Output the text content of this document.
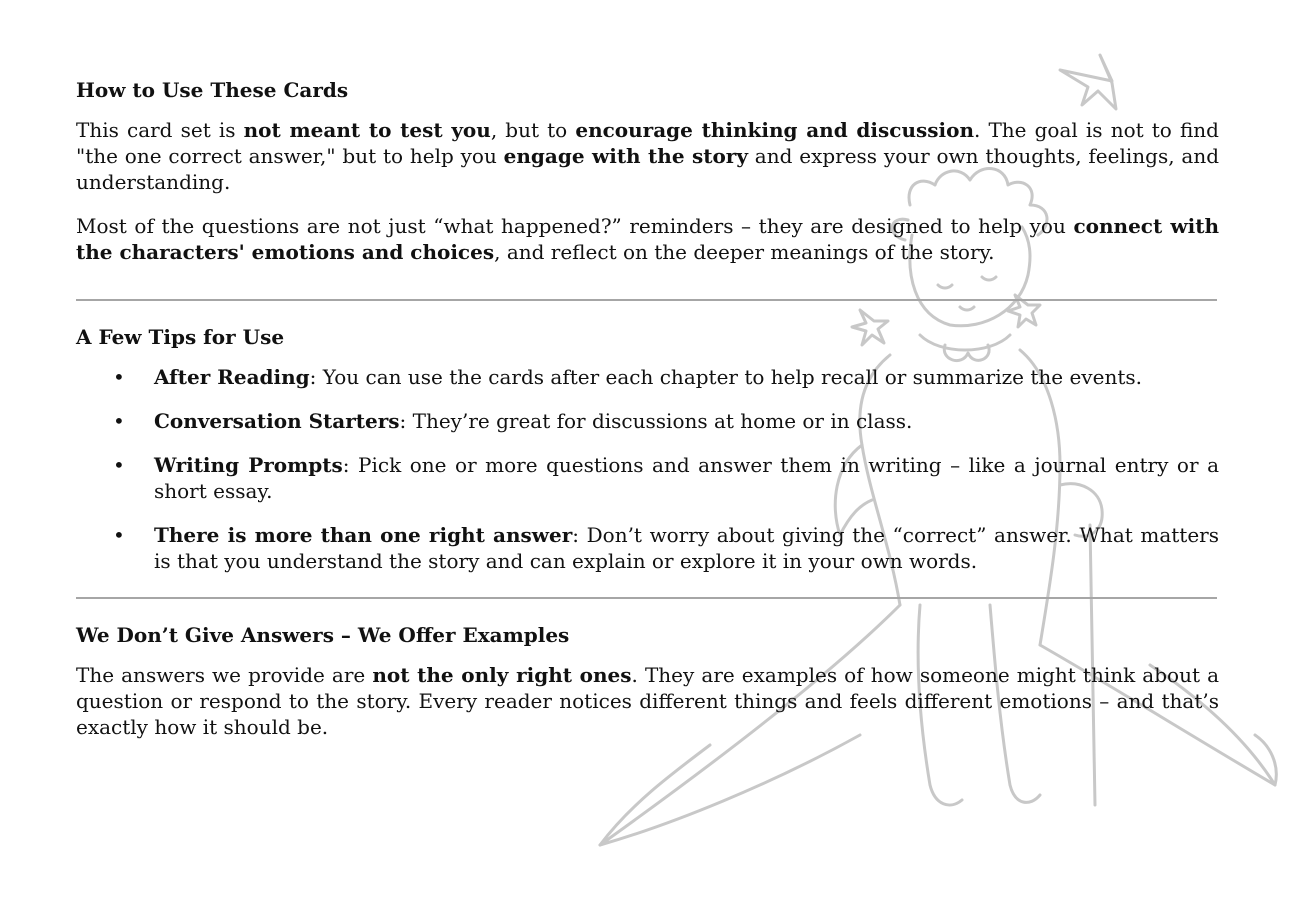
How to Use These Cards

This card set is not meant to test you, but to encourage thinking and discussion. The goal is not to find "the one correct answer," but to help you engage with the story and express your own thoughts, feelings, and understanding.

Most of the questions are not just “what happened?” reminders – they are designed to help you connect with the characters' emotions and choices, and reflect on the deeper meanings of the story.

A Few Tips for Use
• After Reading: You can use the cards after each chapter to help recall or summarize the events.
• Conversation Starters: They’re great for discussions at home or in class.
• Writing Prompts: Pick one or more questions and answer them in writing – like a journal entry or a short essay.
• There is more than one right answer: Don’t worry about giving the “correct” answer. What matters is that you understand the story and can explain or explore it in your own words.
We Don’t Give Answers – We Offer Examples

The answers we provide are not the only right ones. They are examples of how someone might think about a question or respond to the story. Every reader notices different things and feels different emotions – and that’s exactly how it should be.
